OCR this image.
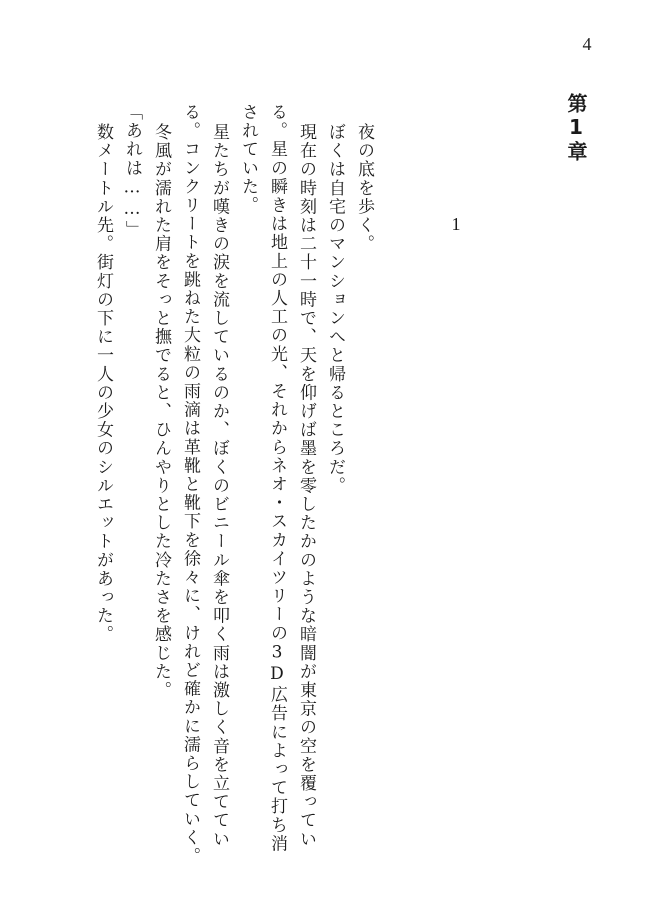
4
第1章
1
夜の底を歩く。
ぼくは自宅のマンションへと帰るところだ。
現在の時刻は二十一時で、天を仰げば墨を零したかのような暗闇が東京の空を覆ってい
る。星の瞬きは地上の人工の光、それからネオ・スカイツリーの3D広告によって打ち消
されていた。
星たちが嘆きの涙を流しているのか、ぼくのビニール傘を叩く雨は激しく音を立ててい
る。コンクリートを跳ねた大粒の雨滴は革靴と靴下を徐々に、けれど確かに濡らしていく。
冬風が濡れた肩をそっと撫でると、ひんやりとした冷たさを感じた。
「あれは……」
数メートル先。街灯の下に一人の少女のシルエットがあった。
